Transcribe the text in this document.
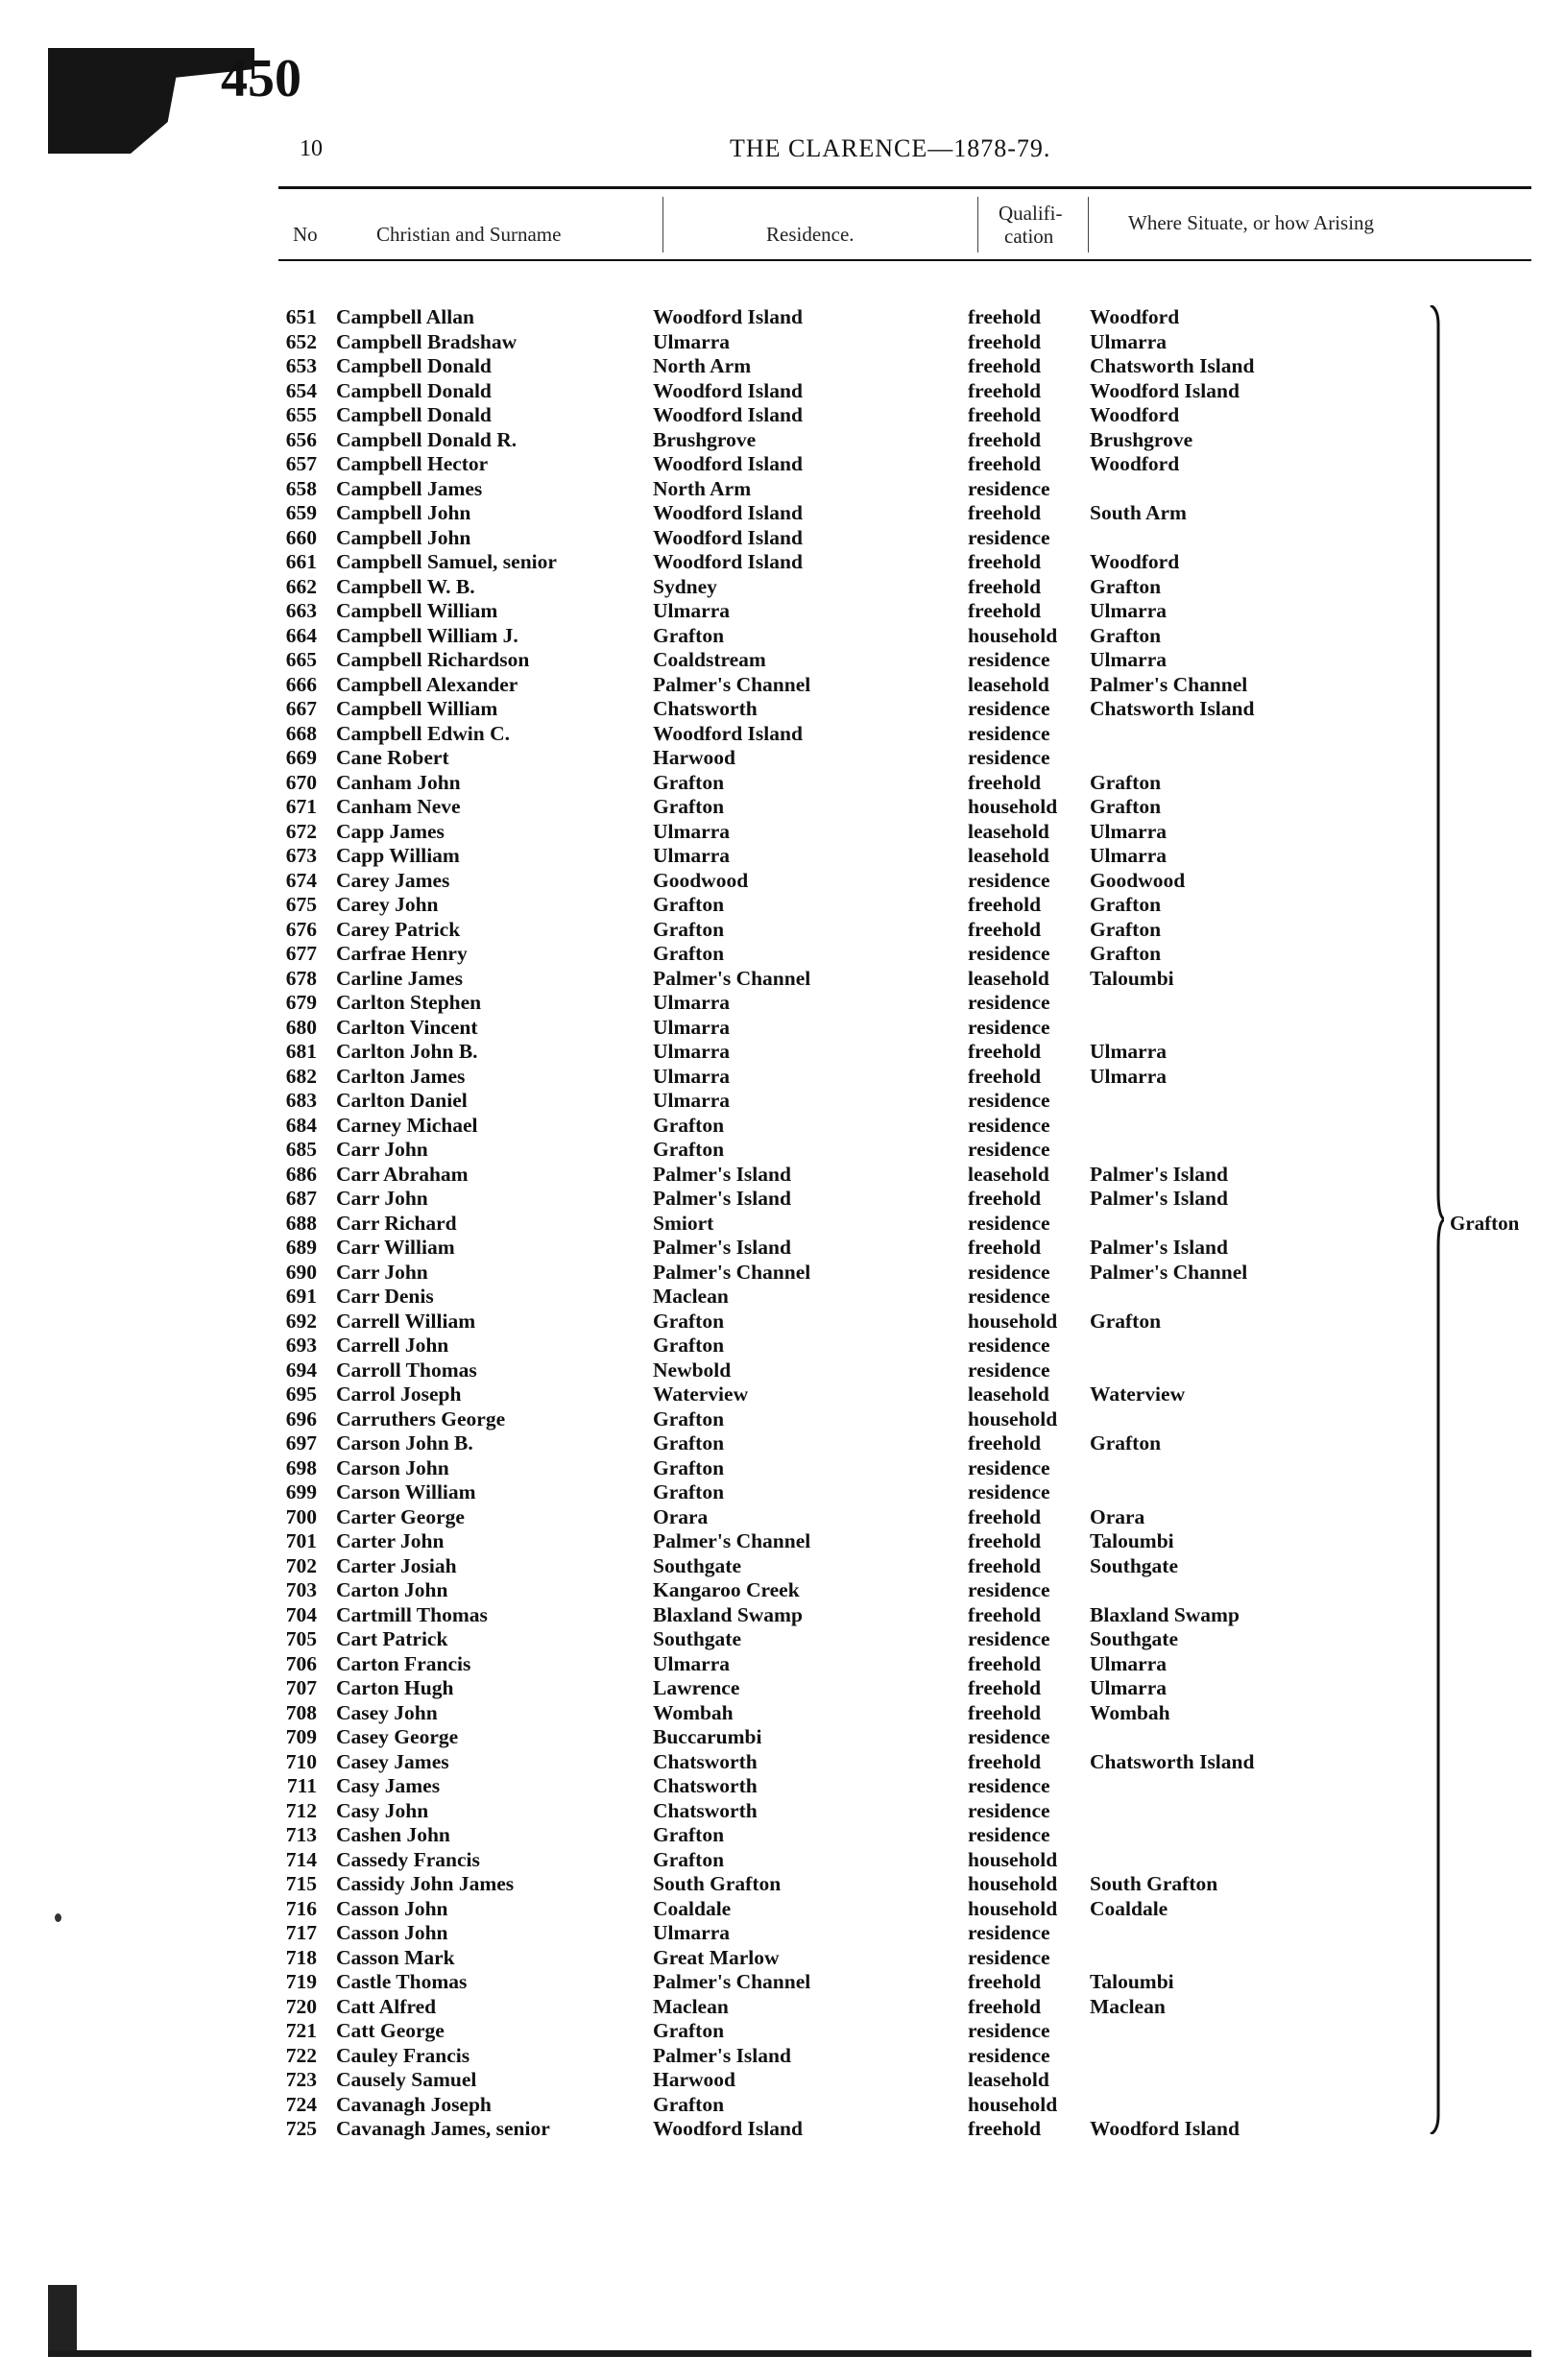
450
10	THE CLARENCE—1878-79.
No	Christian and Surname	Residence.
Qualifi-
cation
Where Situate, or how Arising
651 Campbell Allan	Woodford Island	freehold Woodford
652 Campbell Bradshaw	Ulmarra	freehold Ulmarra
653 Campbell Donald	North Arm	freehold Chatsworth Island
654 Campbell Donald	Woodford Island	freehold Woodford Island
655 Campbell Donald	Woodford Island	freehold Woodford
656 Campbell Donald R.	Brushgrove	freehold Brushgrove
657 Campbell Hector	Woodford Island	freehold Woodford
658 Campbell James	North Arm	residence
659 Campbell John	Woodford Island	freehold South Arm
660 Campbell John	Woodford Island	residence
661 Campbell Samuel, senior	Woodford Island	freehold Woodford
662 Campbell W. B.	Sydney	freehold Grafton
663 Campbell William	Ulmarra	freehold Ulmarra
664 Campbell William J.	Grafton	household Grafton
665 Campbell Richardson	Coaldstream	residence Ulmarra
666 Campbell Alexander	Palmer's Channel	leasehold Palmer's Channel
667 Campbell William	Chatsworth	residence Chatsworth Island
668 Campbell Edwin C.	Woodford Island	residence
669 Cane Robert	Harwood	residence
670 Canham John	Grafton	freehold Grafton
671 Canham Neve	Grafton	household Grafton
672 Capp James	Ulmarra	leasehold Ulmarra
673 Capp William	Ulmarra	leasehold Ulmarra
674 Carey James	Goodwood	residence Goodwood
675 Carey John	Grafton	freehold Grafton
676 Carey Patrick	Grafton	freehold Grafton
677 Carfrae Henry	Grafton	residence Grafton
678 Carline James	Palmer's Channel	leasehold Taloumbi
679 Carlton Stephen	Ulmarra	residence
680 Carlton Vincent	Ulmarra	residence
681 Carlton John B.	Ulmarra	freehold Ulmarra
682 Carlton James	Ulmarra	freehold Ulmarra
683 Carlton Daniel	Ulmarra	residence
684 Carney Michael	Grafton	residence
685 Carr John	Grafton	residence
686 Carr Abraham	Palmer's Island	leasehold Palmer's Island
687 Carr John	Palmer's Island	freehold Palmer's Island
688 Carr Richard	Smiort	residence
689 Carr William	Palmer's Island	freehold Palmer's Island
690 Carr John	Palmer's Channel	residence Palmer's Channel
691 Carr Denis	Maclean	residence
692 Carrell William	Grafton	household Grafton
693 Carrell John	Grafton	residence
694 Carroll Thomas	Newbold	residence
695 Carrol Joseph	Waterview	leasehold Waterview
696 Carruthers George	Grafton	household
697 Carson John B.	Grafton	freehold Grafton
698 Carson John	Grafton	residence
699 Carson William	Grafton	residence
700 Carter George	Orara	freehold Orara
701 Carter John	Palmer's Channel	freehold Taloumbi
702 Carter Josiah	Southgate	freehold Southgate
703 Carton John	Kangaroo Creek	residence
704 Cartmill Thomas	Blaxland Swamp	freehold Blaxland Swamp
705 Cart Patrick	Southgate	residence Southgate
706 Carton Francis	Ulmarra	freehold Ulmarra
707 Carton Hugh	Lawrence	freehold Ulmarra
708 Casey John	Wombah	freehold Wombah
709 Casey George	Buccarumbi	residence
710 Casey James	Chatsworth	freehold Chatsworth Island
711 Casy James	Chatsworth	residence
712 Casy John	Chatsworth	residence
713 Cashen John	Grafton	residence
714 Cassedy Francis	Grafton	household
715 Cassidy John James	South Grafton	household South Grafton
716 Casson John	Coaldale	household Coaldale
717 Casson John	Ulmarra	residence
718 Casson Mark	Great Marlow	residence
719 Castle Thomas	Palmer's Channel	freehold Taloumbi
720 Catt Alfred	Maclean	freehold Maclean
721 Catt George	Grafton	residence
722 Cauley Francis	Palmer's Island	residence
723 Causely Samuel	Harwood	leasehold
724 Cavanagh Joseph	Grafton	household
725 Cavanagh James, senior	Woodford Island	freehold Woodford Island
Grafton
